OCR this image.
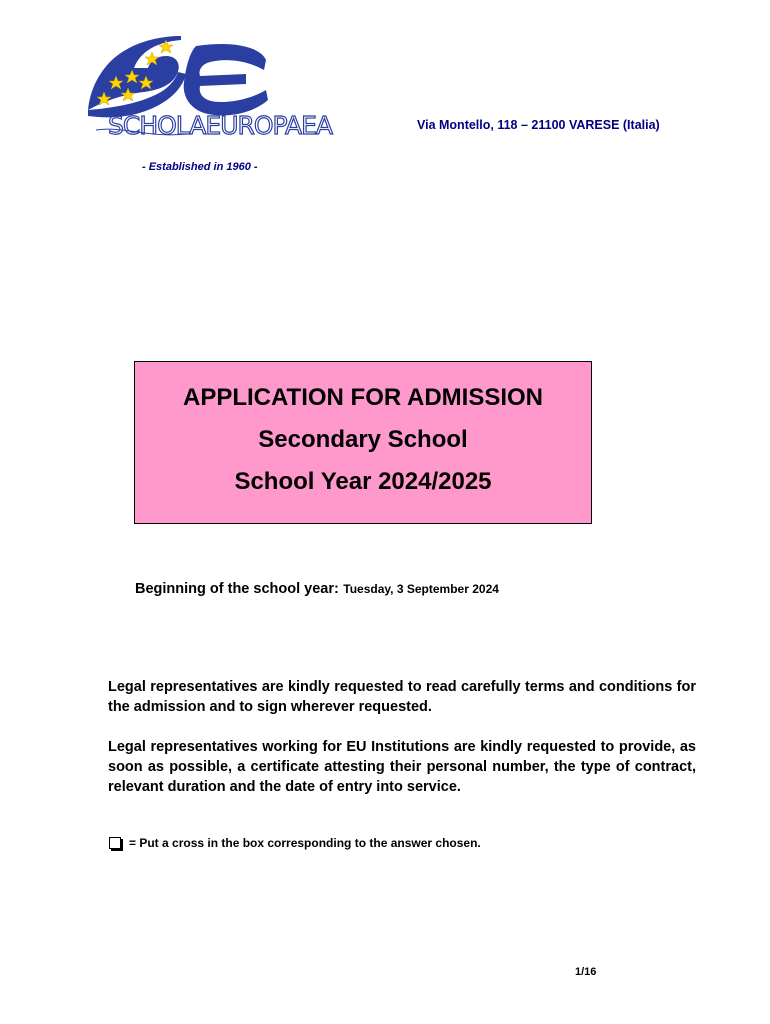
SCHOLAEUROPAEA	Via Montello, 118 – 21100 VARESE (Italia)
- Established in 1960 -
APPLICATION FOR ADMISSION
Secondary School
School Year 2024/2025
Beginning of the school year: Tuesday, 3 September 2024
Legal representatives are kindly requested to read carefully terms and conditions for the admission and to sign wherever requested.
Legal representatives working for EU Institutions are kindly requested to provide, as soon as possible, a certificate attesting their personal number, the type of contract, relevant duration and the date of entry into service.
= Put a cross in the box corresponding to the answer chosen.
1/16
